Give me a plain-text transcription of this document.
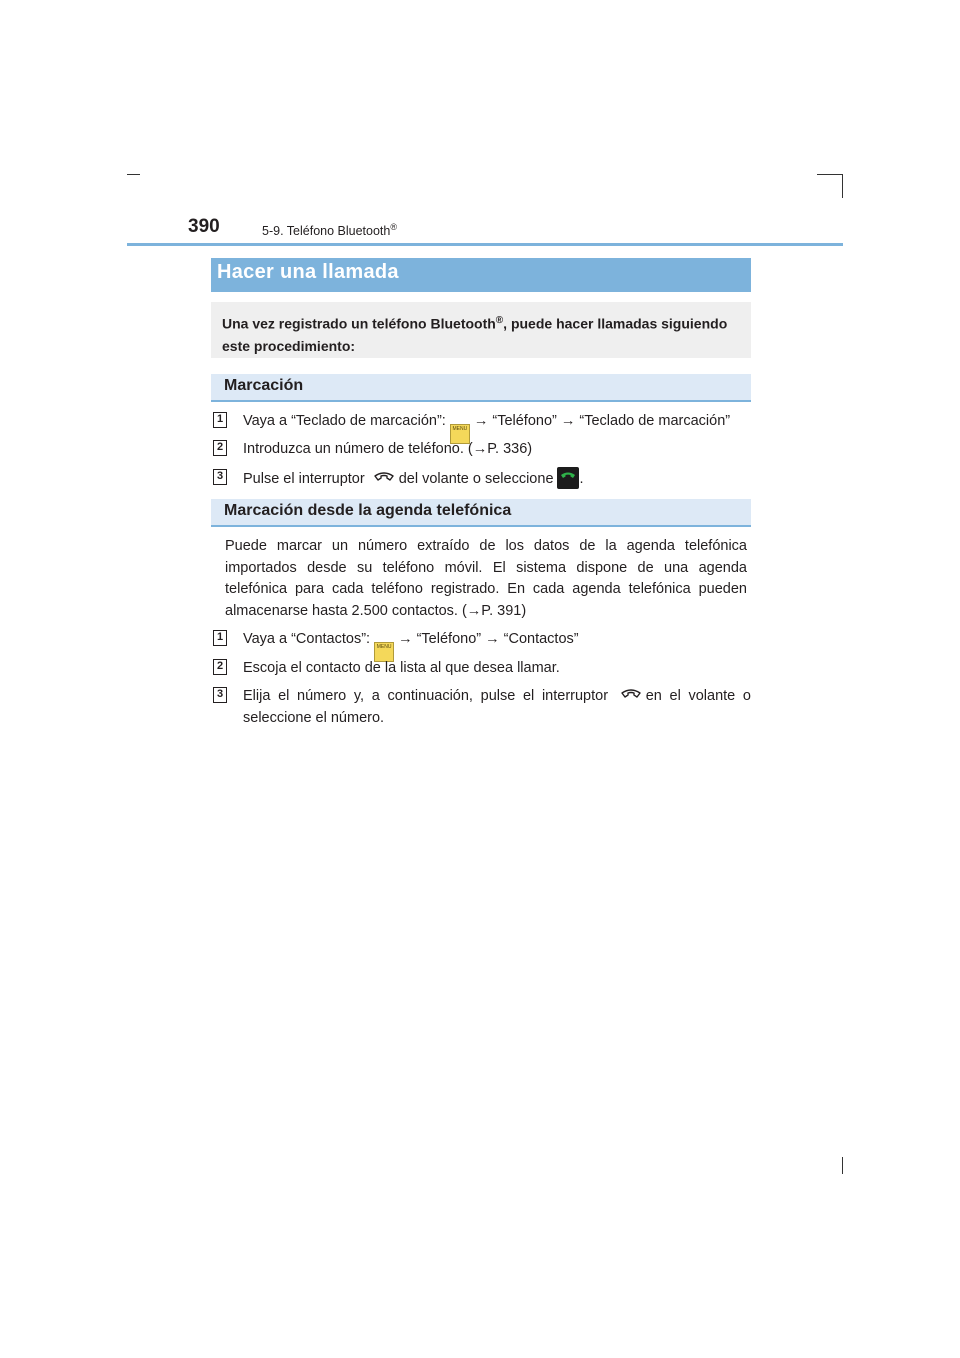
390	5-9. Teléfono Bluetooth®
Hacer una llamada
Una vez registrado un teléfono Bluetooth®, puede hacer llamadas siguiendo este procedimiento:
Marcación
1 Vaya a “Teclado de marcación”: MENU → “Teléfono” → “Teclado de marcación”
2 Introduzca un número de teléfono. (→P. 336)
3 Pulse el interruptor del volante o seleccione .
Marcación desde la agenda telefónica
Puede marcar un número extraído de los datos de la agenda telefónica importados desde su teléfono móvil. El sistema dispone de una agenda telefónica para cada teléfono registrado. En cada agenda telefónica pueden almacenarse hasta 2.500 contactos. (→P. 391)
1 Vaya a “Contactos”: MENU → “Teléfono” → “Contactos”
2 Escoja el contacto de la lista al que desea llamar.
3 Elija el número y, a continuación, pulse el interruptor	en el volante o seleccione el número.
